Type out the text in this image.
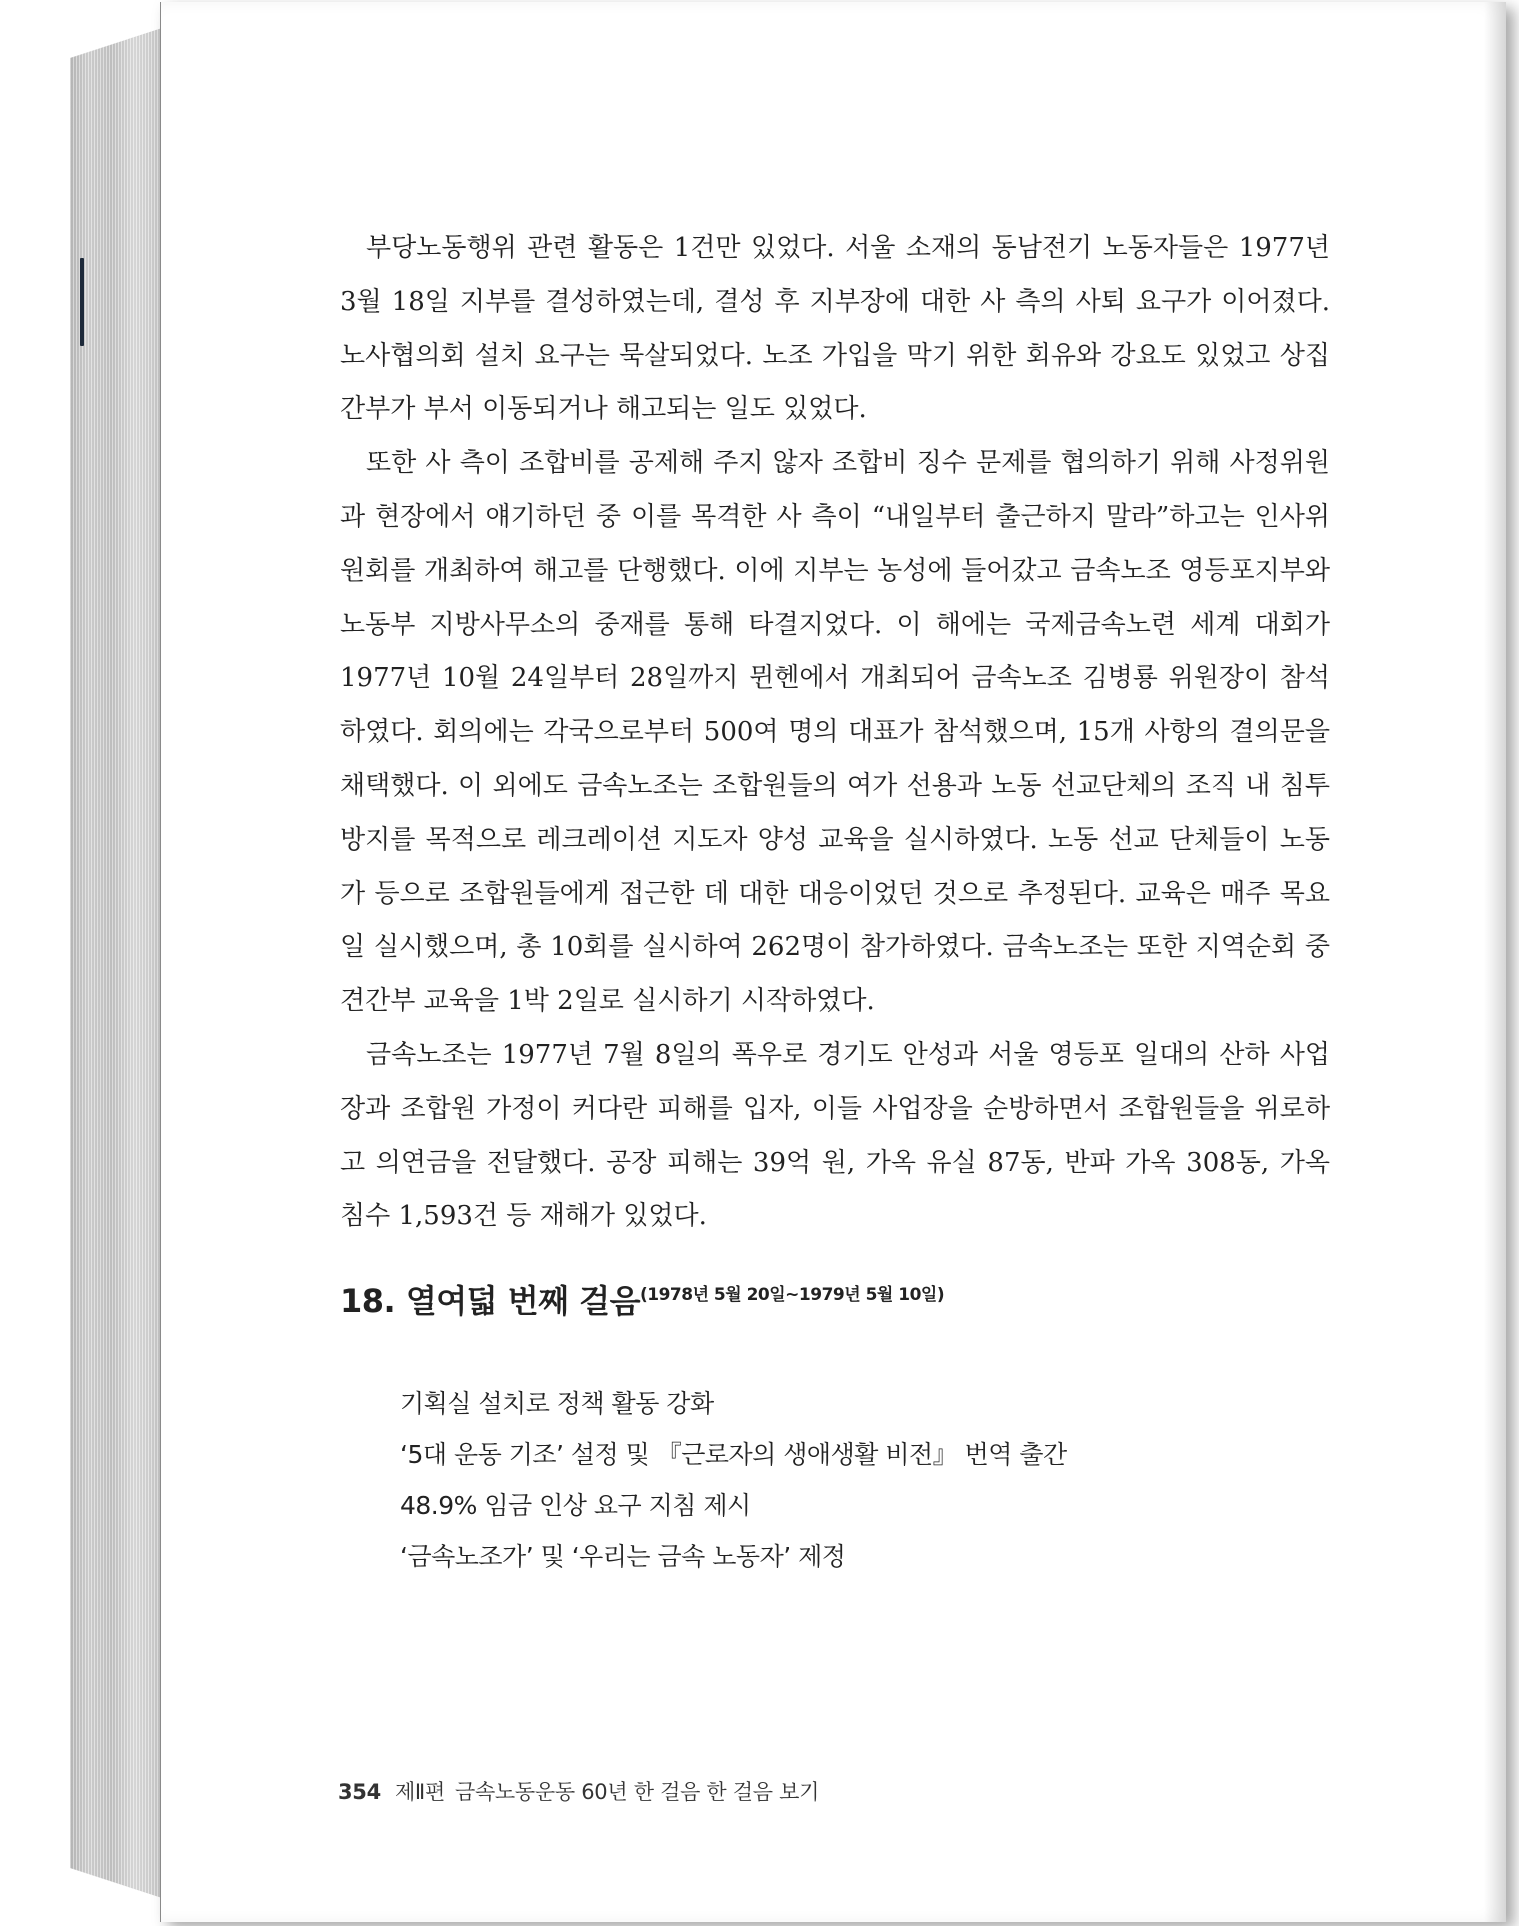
부당노동행위 관련 활동은 1건만 있었다. 서울 소재의 동남전기 노동자들은 1977년 3월 18일 지부를 결성하였는데, 결성 후 지부장에 대한 사 측의 사퇴 요구가 이어졌다. 노사협의회 설치 요구는 묵살되었다. 노조 가입을 막기 위한 회유와 강요도 있었고 상집 간부가 부서 이동되거나 해고되는 일도 있었다.

또한 사 측이 조합비를 공제해 주지 않자 조합비 징수 문제를 협의하기 위해 사정위원과 현장에서 얘기하던 중 이를 목격한 사 측이 “내일부터 출근하지 말라”하고는 인사위원회를 개최하여 해고를 단행했다. 이에 지부는 농성에 들어갔고 금속노조 영등포지부와 노동부 지방사무소의 중재를 통해 타결지었다. 이 해에는 국제금속노련 세계 대회가 1977년 10월 24일부터 28일까지 뮌헨에서 개최되어 금속노조 김병룡 위원장이 참석하였다. 회의에는 각국으로부터 500여 명의 대표가 참석했으며, 15개 사항의 결의문을 채택했다. 이 외에도 금속노조는 조합원들의 여가 선용과 노동 선교단체의 조직 내 침투 방지를 목적으로 레크레이션 지도자 양성 교육을 실시하였다. 노동 선교 단체들이 노동가 등으로 조합원들에게 접근한 데 대한 대응이었던 것으로 추정된다. 교육은 매주 목요일 실시했으며, 총 10회를 실시하여 262명이 참가하였다. 금속노조는 또한 지역순회 중견간부 교육을 1박 2일로 실시하기 시작하였다.

금속노조는 1977년 7월 8일의 폭우로 경기도 안성과 서울 영등포 일대의 산하 사업장과 조합원 가정이 커다란 피해를 입자, 이들 사업장을 순방하면서 조합원들을 위로하고 의연금을 전달했다. 공장 피해는 39억 원, 가옥 유실 87동, 반파 가옥 308동, 가옥 침수 1,593건 등 재해가 있었다.

18. 열여덟 번째 걸음(1978년 5월 20일~1979년 5월 10일)
기획실 설치로 정책 활동 강화
‘5대 운동 기조’ 설정 및 『근로자의 생애생활 비전』 번역 출간
48.9% 임금 인상 요구 지침 제시
‘금속노조가’ 및 ‘우리는 금속 노동자’ 제정
354 제Ⅱ편 금속노동운동 60년 한 걸음 한 걸음 보기
